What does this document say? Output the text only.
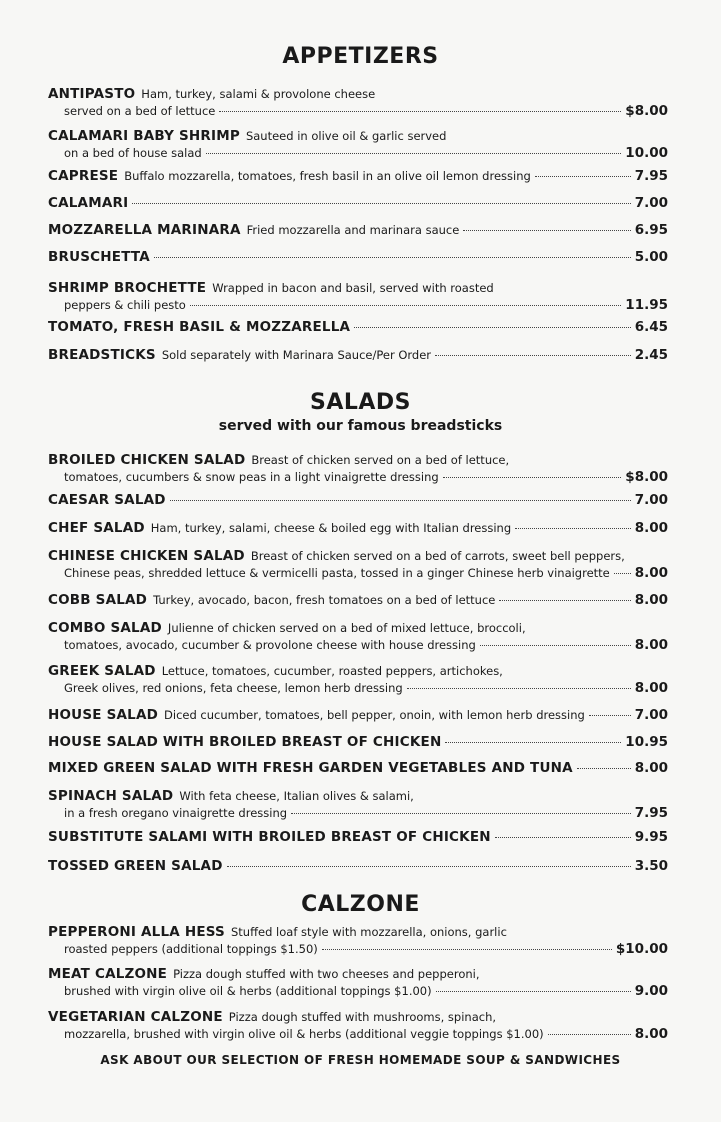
APPETIZERS
ANTIPASTO Ham, turkey, salami & provolone cheese
served on a bed of lettuce	$8.00
CALAMARI BABY SHRIMP Sauteed in olive oil & garlic served
on a bed of house salad	10.00
CAPRESE Buffalo mozzarella, tomatoes, fresh basil in an olive oil lemon dressing	7.95
CALAMARI	7.00
MOZZARELLA MARINARA Fried mozzarella and marinara sauce	6.95
BRUSCHETTA	5.00
SHRIMP BROCHETTE Wrapped in bacon and basil, served with roasted
peppers & chili pesto	11.95
TOMATO, FRESH BASIL & MOZZARELLA	6.45
BREADSTICKS Sold separately with Marinara Sauce/Per Order	2.45
SALADS
served with our famous breadsticks
BROILED CHICKEN SALAD Breast of chicken served on a bed of lettuce,
tomatoes, cucumbers & snow peas in a light vinaigrette dressing	$8.00
CAESAR SALAD	7.00
CHEF SALAD Ham, turkey, salami, cheese & boiled egg with Italian dressing	8.00
CHINESE CHICKEN SALAD Breast of chicken served on a bed of carrots, sweet bell peppers,
Chinese peas, shredded lettuce & vermicelli pasta, tossed in a ginger Chinese herb vinaigrette 8.00
COBB SALAD Turkey, avocado, bacon, fresh tomatoes on a bed of lettuce	8.00
COMBO SALAD Julienne of chicken served on a bed of mixed lettuce, broccoli,
tomatoes, avocado, cucumber & provolone cheese with house dressing	8.00
GREEK SALAD Lettuce, tomatoes, cucumber, roasted peppers, artichokes,
Greek olives, red onions, feta cheese, lemon herb dressing	8.00
HOUSE SALAD Diced cucumber, tomatoes, bell pepper, onoin, with lemon herb dressing	7.00
HOUSE SALAD WITH BROILED BREAST OF CHICKEN	10.95
MIXED GREEN SALAD WITH FRESH GARDEN VEGETABLES AND TUNA	8.00
SPINACH SALAD With feta cheese, Italian olives & salami,
in a fresh oregano vinaigrette dressing	7.95
SUBSTITUTE SALAMI WITH BROILED BREAST OF CHICKEN	9.95
TOSSED GREEN SALAD	3.50
CALZONE
PEPPERONI ALLA HESS Stuffed loaf style with mozzarella, onions, garlic
roasted peppers (additional toppings $1.50)	$10.00
MEAT CALZONE Pizza dough stuffed with two cheeses and pepperoni,
brushed with virgin olive oil & herbs (additional toppings $1.00)	9.00
VEGETARIAN CALZONE Pizza dough stuffed with mushrooms, spinach,
mozzarella, brushed with virgin olive oil & herbs (additional veggie toppings $1.00)	8.00
ASK ABOUT OUR SELECTION OF FRESH HOMEMADE SOUP & SANDWICHES
